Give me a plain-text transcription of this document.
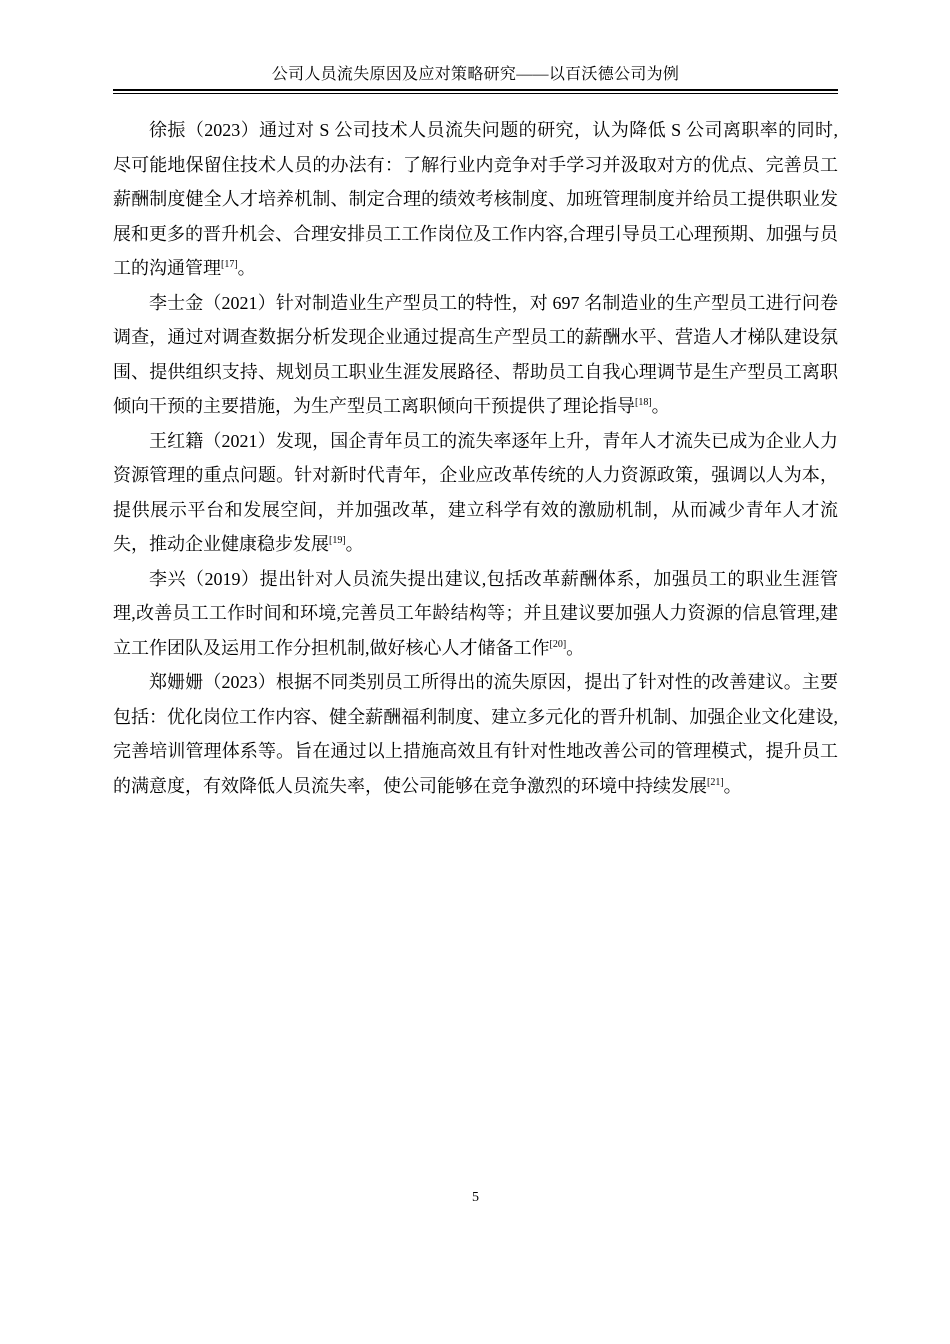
公司人员流失原因及应对策略研究——以百沃德公司为例

徐振（2023）通过对 S 公司技术人员流失问题的研究，认为降低 S 公司离职率的同时,尽可能地保留住技术人员的办法有：了解行业内竞争对手学习并汲取对方的优点、完善员工薪酬制度健全人才培养机制、制定合理的绩效考核制度、加班管理制度并给员工提供职业发展和更多的晋升机会、合理安排员工工作岗位及工作内容,合理引导员工心理预期、加强与员工的沟通管理[17]。

李士金（2021）针对制造业生产型员工的特性，对 697 名制造业的生产型员工进行问卷调查，通过对调查数据分析发现企业通过提高生产型员工的薪酬水平、营造人才梯队建设氛围、提供组织支持、规划员工职业生涯发展路径、帮助员工自我心理调节是生产型员工离职倾向干预的主要措施，为生产型员工离职倾向干预提供了理论指导[18]。

王红籍（2021）发现，国企青年员工的流失率逐年上升，青年人才流失已成为企业人力资源管理的重点问题。针对新时代青年，企业应改革传统的人力资源政策，强调以人为本，提供展示平台和发展空间，并加强改革，建立科学有效的激励机制，从而减少青年人才流失，推动企业健康稳步发展[19]。

李兴（2019）提出针对人员流失提出建议,包括改革薪酬体系，加强员工的职业生涯管理,改善员工工作时间和环境,完善员工年龄结构等；并且建议要加强人力资源的信息管理,建立工作团队及运用工作分担机制,做好核心人才储备工作[20]。

郑姗姗（2023）根据不同类别员工所得出的流失原因，提出了针对性的改善建议。主要包括：优化岗位工作内容、健全薪酬福利制度、建立多元化的晋升机制、加强企业文化建设,完善培训管理体系等。旨在通过以上措施高效且有针对性地改善公司的管理模式，提升员工的满意度，有效降低人员流失率，使公司能够在竞争激烈的环境中持续发展[21]。

5
